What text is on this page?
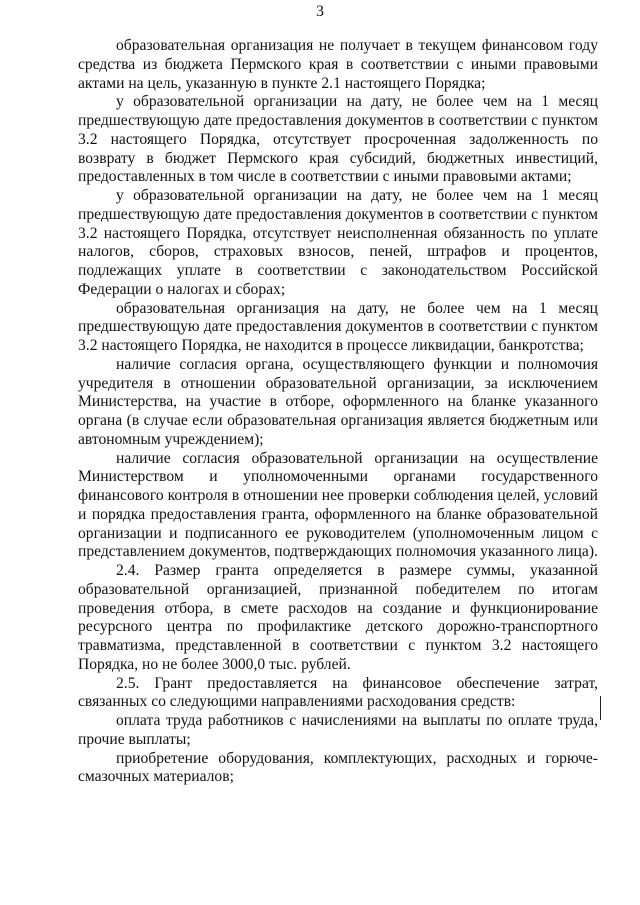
3

образовательная организация не получает в текущем финансовом году средства из бюджета Пермского края в соответствии с иными правовыми актами на цель, указанную в пункте 2.1 настоящего Порядка;

у образовательной организации на дату, не более чем на 1 месяц предшествующую дате предоставления документов в соответствии с пунктом 3.2 настоящего Порядка, отсутствует просроченная задолженность по возврату в бюджет Пермского края субсидий, бюджетных инвестиций, предоставленных в том числе в соответствии с иными правовыми актами;

у образовательной организации на дату, не более чем на 1 месяц предшествующую дате предоставления документов в соответствии с пунктом 3.2 настоящего Порядка, отсутствует неисполненная обязанность по уплате налогов, сборов, страховых взносов, пеней, штрафов и процентов, подлежащих уплате в соответствии с законодательством Российской Федерации о налогах и сборах;

образовательная организация на дату, не более чем на 1 месяц предшествующую дате предоставления документов в соответствии с пунктом 3.2 настоящего Порядка, не находится в процессе ликвидации, банкротства;

наличие согласия органа, осуществляющего функции и полномочия учредителя в отношении образовательной организации, за исключением Министерства, на участие в отборе, оформленного на бланке указанного органа (в случае если образовательная организация является бюджетным или автономным учреждением);

наличие согласия образовательной организации на осуществление Министерством и уполномоченными органами государственного финансового контроля в отношении нее проверки соблюдения целей, условий и порядка предоставления гранта, оформленного на бланке образовательной организации и подписанного ее руководителем (уполномоченным лицом с представлением документов, подтверждающих полномочия указанного лица).

2.4. Размер гранта определяется в размере суммы, указанной образовательной организацией, признанной победителем по итогам проведения отбора, в смете расходов на создание и функционирование ресурсного центра по профилактике детского дорожно-транспортного травматизма, представленной в соответствии с пунктом 3.2 настоящего Порядка, но не более 3000,0 тыс. рублей.

2.5. Грант предоставляется на финансовое обеспечение затрат, связанных со следующими направлениями расходования средств:

оплата труда работников с начислениями на выплаты по оплате труда, прочие выплаты;

приобретение оборудования, комплектующих, расходных и горюче-смазочных материалов;
